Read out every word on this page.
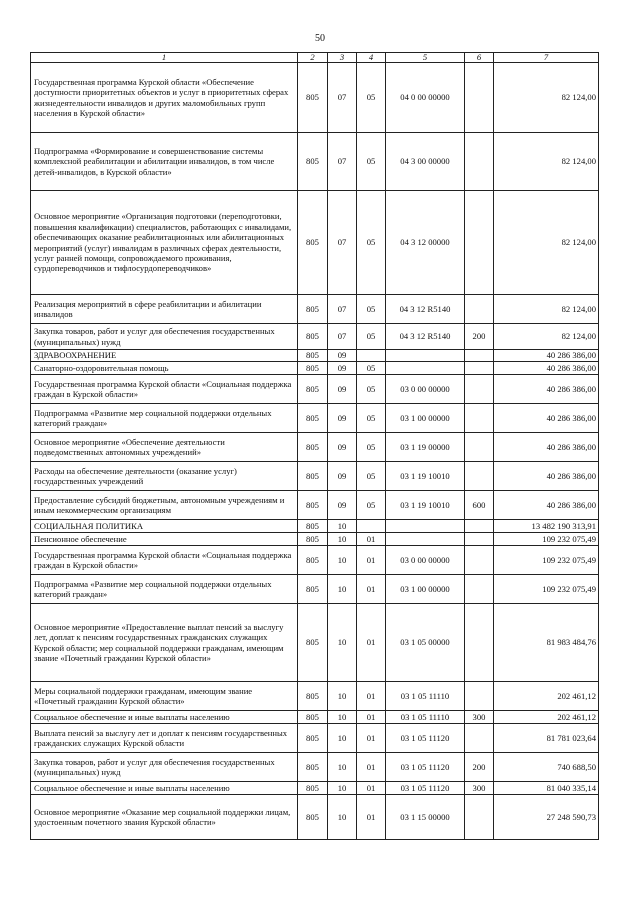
50
1	2	3	4	5	6	7
Государственная программа Курской области «Обеспечение доступности приоритетных объектов и услуг в приоритетных сферах жизнедеятельности инвалидов и других маломобильных групп населения в Курской области»	805	07	05	04 0 00 00000		82 124,00
Подпрограмма «Формирование и совершенствование системы комплексной реабилитации и абилитации инвалидов, в том числе детей-инвалидов, в Курской области»	805	07	05	04 3 00 00000		82 124,00
Основное мероприятие «Организация подготовки (переподготовки, повышения квалификации) специалистов, работающих с инвалидами, обеспечивающих оказание реабилитационных или абилитационных мероприятий (услуг) инвалидам в различных сферах деятельности, услуг ранней помощи, сопровождаемого проживания, сурдопереводчиков и тифлосурдопереводчиков»	805	07	05	04 3 12 00000		82 124,00
Реализация мероприятий в сфере реабилитации и абилитации инвалидов	805	07	05	04 3 12 R5140		82 124,00
Закупка товаров, работ и услуг для обеспечения государственных (муниципальных) нужд	805	07	05	04 3 12 R5140	200	82 124,00
ЗДРАВООХРАНЕНИЕ	805	09				40 286 386,00
Санаторно-оздоровительная помощь	805	09	05			40 286 386,00
Государственная программа Курской области «Социальная поддержка граждан в Курской области»	805	09	05	03 0 00 00000		40 286 386,00
Подпрограмма «Развитие мер социальной поддержки отдельных категорий граждан»	805	09	05	03 1 00 00000		40 286 386,00
Основное мероприятие «Обеспечение деятельности подведомственных автономных учреждений»	805	09	05	03 1 19 00000		40 286 386,00
Расходы на обеспечение деятельности (оказание услуг) государственных учреждений	805	09	05	03 1 19 10010		40 286 386,00
Предоставление субсидий бюджетным, автономным учреждениям и иным некоммерческим организациям	805	09	05	03 1 19 10010	600	40 286 386,00
СОЦИАЛЬНАЯ ПОЛИТИКА	805	10				13 482 190 313,91
Пенсионное обеспечение	805	10	01			109 232 075,49
Государственная программа Курской области «Социальная поддержка граждан в Курской области»	805	10	01	03 0 00 00000		109 232 075,49
Подпрограмма «Развитие мер социальной поддержки отдельных категорий граждан»	805	10	01	03 1 00 00000		109 232 075,49
Основное мероприятие «Предоставление выплат пенсий за выслугу лет, доплат к пенсиям государственных гражданских служащих Курской области; мер социальной поддержки гражданам, имеющим звание «Почетный гражданин Курской области»	805	10	01	03 1 05 00000		81 983 484,76
Меры социальной поддержки гражданам, имеющим звание «Почетный гражданин Курской области»	805	10	01	03 1 05 11110		202 461,12
Социальное обеспечение и иные выплаты населению	805	10	01	03 1 05 11110	300	202 461,12
Выплата пенсий за выслугу лет и доплат к пенсиям государственных гражданских служащих Курской области	805	10	01	03 1 05 11120		81 781 023,64
Закупка товаров, работ и услуг для обеспечения государственных (муниципальных) нужд	805	10	01	03 1 05 11120	200	740 688,50
Социальное обеспечение и иные выплаты населению	805	10	01	03 1 05 11120	300	81 040 335,14
Основное мероприятие «Оказание мер социальной поддержки лицам, удостоенным почетного звания Курской области»	805	10	01	03 1 15 00000		27 248 590,73
